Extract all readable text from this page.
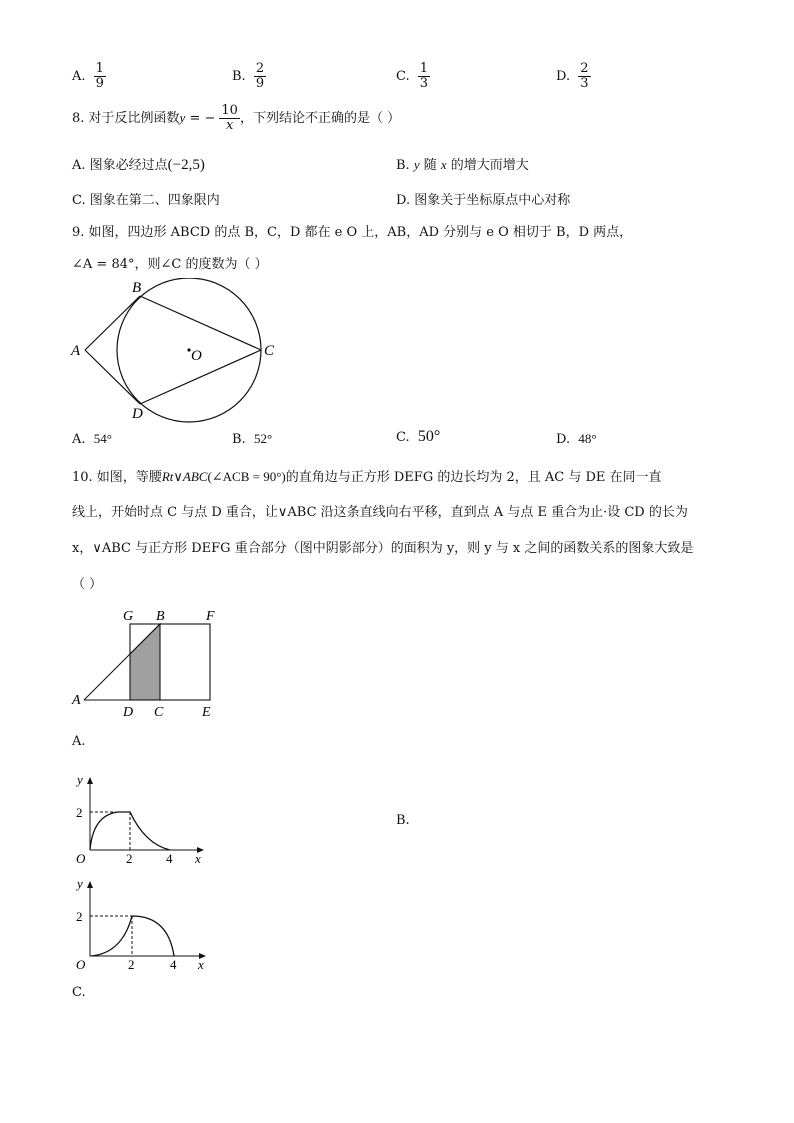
A. $\frac{1}{9}$	B. $\frac{2}{9}$	C. $\frac{1}{3}$	D. $\frac{2}{3}$
8. 对于反比例函数y = − $\frac{10}{x}$ ，下列结论不正确的是（ ）
A. 图象必经过点(−2,5)	B. y 随 x 的增大而增大
C. 图象在第二、四象限内	D. 图象关于坐标原点中心对称
9. 如图，四边形 ABCD 的点 B，C，D 都在 e O 上，AB，AD 分别与 e O 相切于 B，D 两点，
∠A = 84°，则∠C 的度数为（ ）
A
B
C
D
O
A. 54°	B. 52°	C. 50°	D. 48°
10. 如图，等腰Rt∨ABC(∠ACB = 90°)的直角边与正方形 DEFG 的边长均为 2，且 AC 与 DE 在同一直
线上，开始时点 C 与点 D 重合，让∨ABC 沿这条直线向右平移，直到点 A 与点 E 重合为止·设 CD 的长为
x，∨ABC 与正方形 DEFG 重合部分（图中阴影部分）的面积为 y，则 y 与 x 之间的函数关系的图象大致是
（ ）
G B	F
A
D C	E
A.
y
2
O	2	4 x
B.
y
2
O	2	4 x
C.
